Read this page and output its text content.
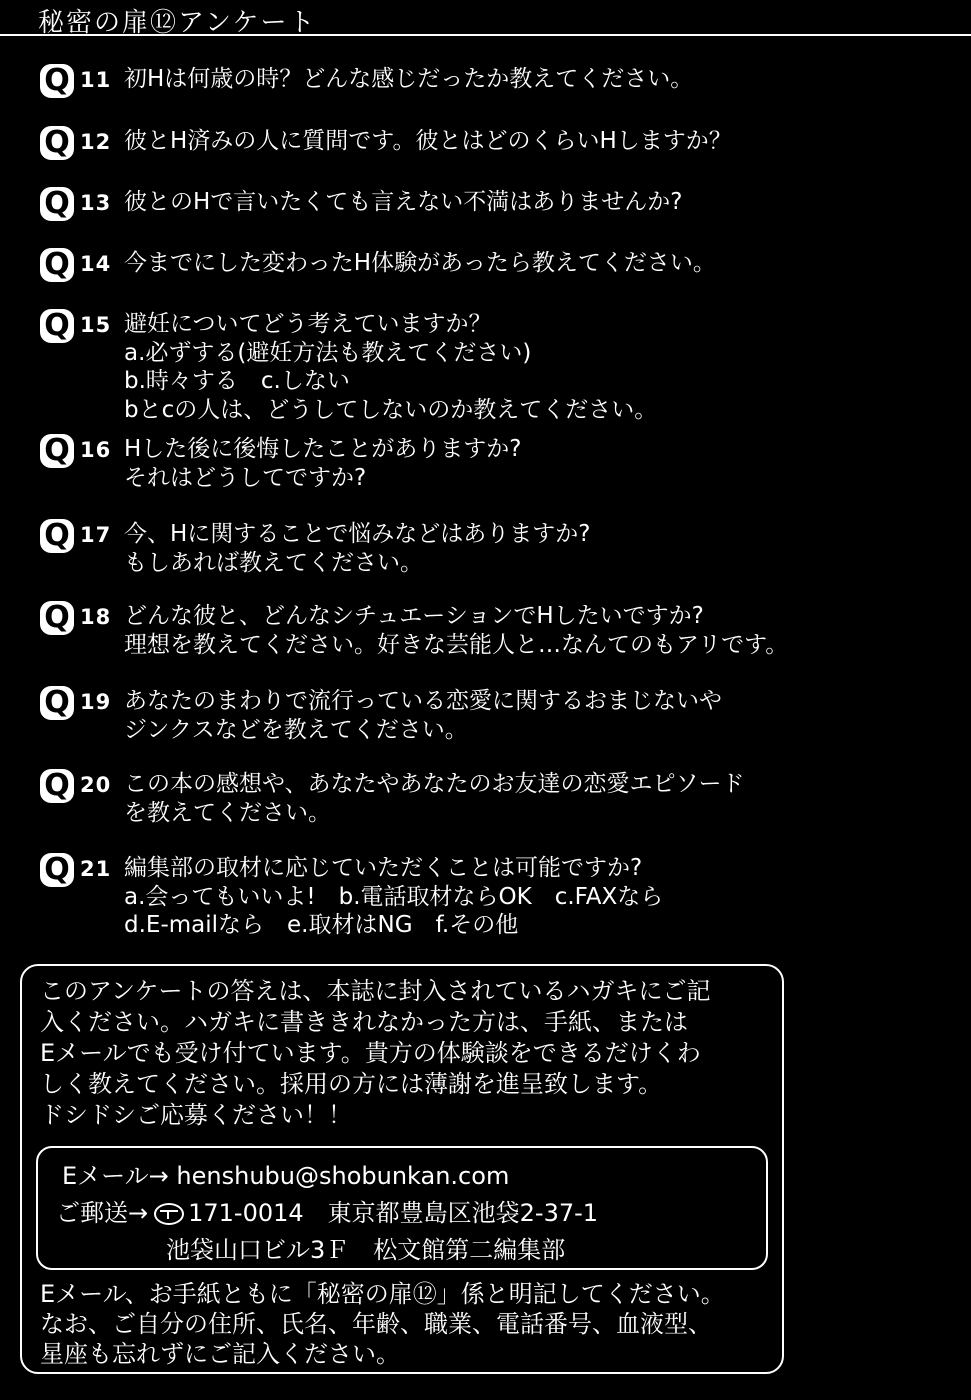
秘密の扉⑫アンケート
Q 11 初Hは何歳の時？どんな感じだったか教えてください。
Q 12 彼とH済みの人に質問です。彼とはどのくらいHしますか？
Q 13 彼とのHで言いたくても言えない不満はありませんか?
Q 14 今までにした変わったH体験があったら教えてください。
Q 15 避妊についてどう考えていますか？
a.必ずする(避妊方法も教えてください)
b.時々する　c.しない
bとcの人は、どうしてしないのか教えてください。
Q 16 Hした後に後悔したことがありますか?
それはどうしてですか?
Q 17 今、Hに関することで悩みなどはありますか?
もしあれば教えてください。
Q 18 どんな彼と、どんなシチュエーションでHしたいですか?
理想を教えてください。好きな芸能人と…なんてのもアリです。
Q 19 あなたのまわりで流行っている恋愛に関するおまじないや
ジンクスなどを教えてください。
Q 20 この本の感想や、あなたやあなたのお友達の恋愛エピソード
を教えてください。
Q 21 編集部の取材に応じていただくことは可能ですか?
a.会ってもいいよ!　b.電話取材ならOK　c.FAXなら
d.E-mailなら　e.取材はNG　f.その他
このアンケートの答えは、本誌に封入されているハガキにご記
入ください。ハガキに書ききれなかった方は、手紙、または
Eメールでも受け付ています。貴方の体験談をできるだけくわ
しく教えてください。採用の方には薄謝を進呈致します。
ドシドシご応募ください！！
Eメール→ henshubu@shobunkan.com
ご郵送→ 171-0014　東京都豊島区池袋2-37-1
池袋山口ビル3Ｆ　松文館第二編集部
Eメール、お手紙ともに「秘密の扉⑫」係と明記してください。
なお、ご自分の住所、氏名、年齢、職業、電話番号、血液型、
星座も忘れずにご記入ください。
